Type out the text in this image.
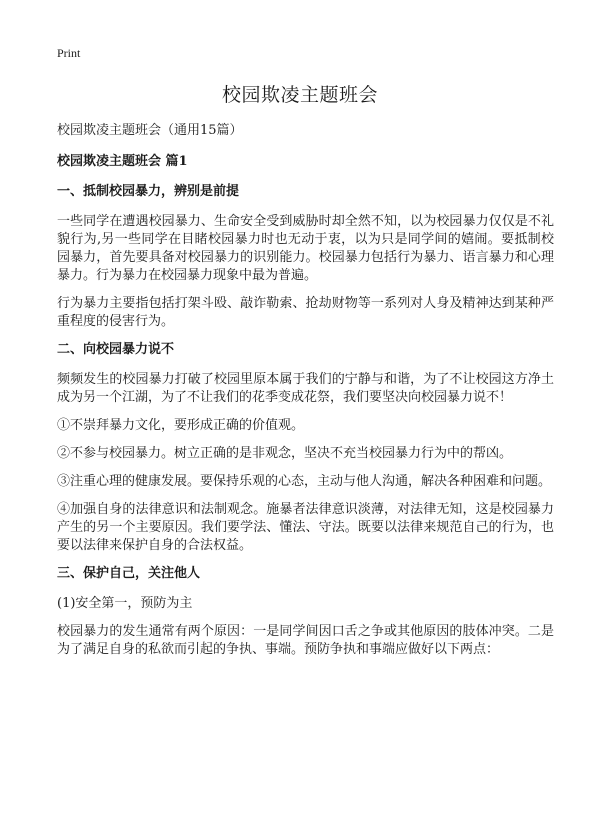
Print
校园欺凌主题班会

校园欺凌主题班会（通用15篇）

校园欺凌主题班会 篇1

一、抵制校园暴力，辨别是前提

一些同学在遭遇校园暴力、生命安全受到威胁时却全然不知，以为校园暴力仅仅是不礼貌行为,另一些同学在目睹校园暴力时也无动于衷，以为只是同学间的嬉闹。要抵制校园暴力，首先要具备对校园暴力的识别能力。校园暴力包括行为暴力、语言暴力和心理暴力。行为暴力在校园暴力现象中最为普遍。

行为暴力主要指包括打架斗殴、敲诈勒索、抢劫财物等一系列对人身及精神达到某种严重程度的侵害行为。

二、向校园暴力说不

频频发生的校园暴力打破了校园里原本属于我们的宁静与和谐，为了不让校园这方净土成为另一个江湖，为了不让我们的花季变成花祭，我们要坚决向校园暴力说不！

①不崇拜暴力文化，要形成正确的价值观。

②不参与校园暴力。树立正确的是非观念，坚决不充当校园暴力行为中的帮凶。

③注重心理的健康发展。要保持乐观的心态，主动与他人沟通，解决各种困难和问题。

④加强自身的法律意识和法制观念。施暴者法律意识淡薄，对法律无知，这是校园暴力产生的另一个主要原因。我们要学法、懂法、守法。既要以法律来规范自己的行为，也要以法律来保护自身的合法权益。

三、保护自己，关注他人

(1)安全第一，预防为主

校园暴力的发生通常有两个原因：一是同学间因口舌之争或其他原因的肢体冲突。二是为了满足自身的私欲而引起的争执、事端。预防争执和事端应做好以下两点：
